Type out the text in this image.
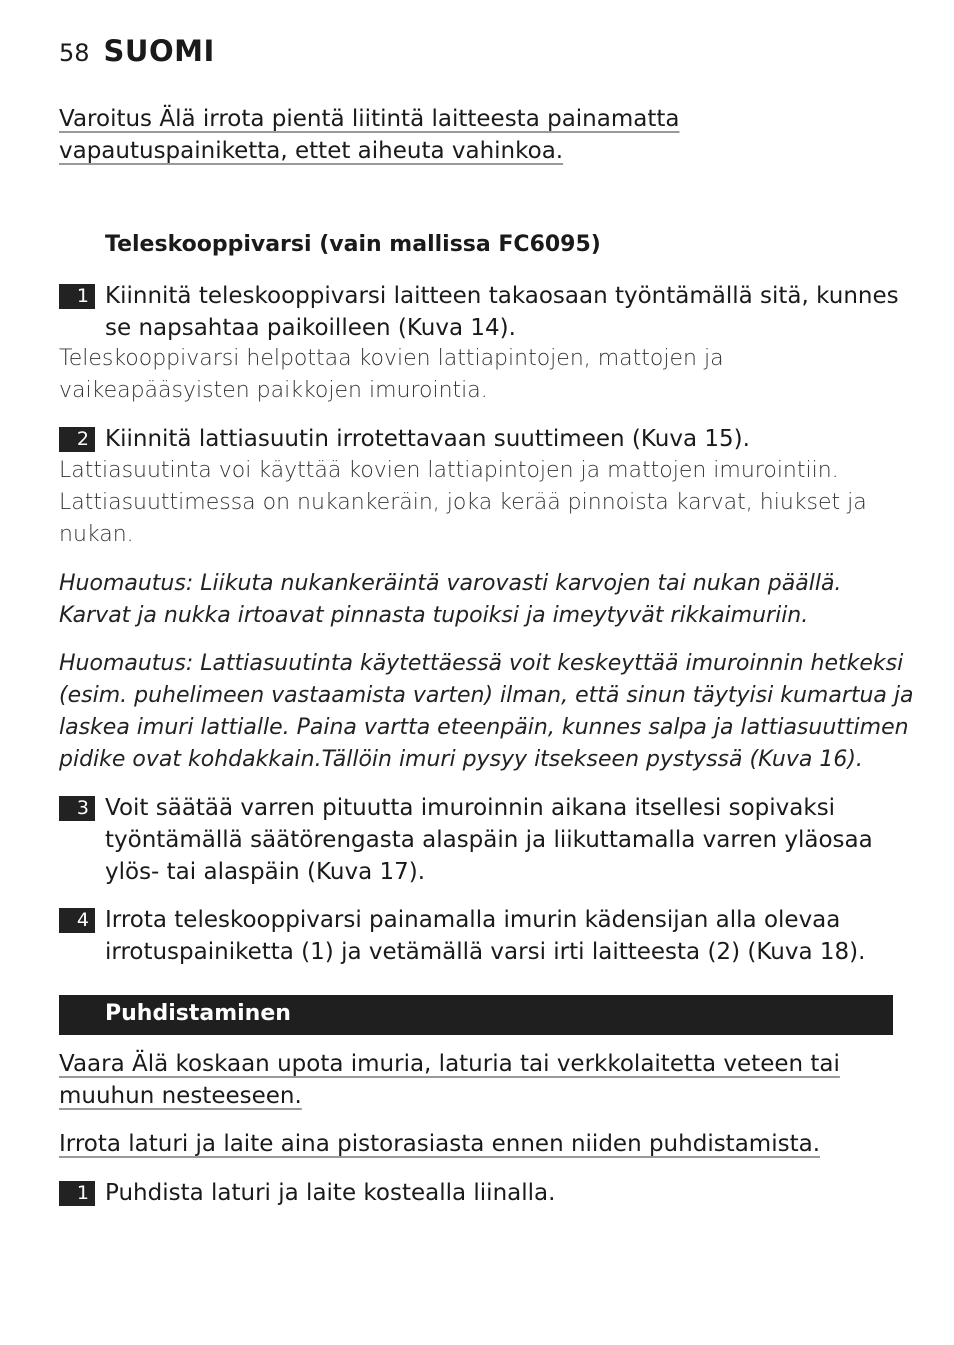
58 SUOMI
Varoitus Älä irrota pientä liitintä laitteesta painamatta
vapautuspainiketta, ettet aiheuta vahinkoa.
Teleskooppivarsi (vain mallissa FC6095)
1 Kiinnitä teleskooppivarsi laitteen takaosaan työntämällä sitä, kunnes
se napsahtaa paikoilleen (Kuva 14).
Teleskooppivarsi helpottaa kovien lattiapintojen, mattojen ja
vaikeapääsyisten paikkojen imurointia.
2 Kiinnitä lattiasuutin irrotettavaan suuttimeen (Kuva 15).
Lattiasuutinta voi käyttää kovien lattiapintojen ja mattojen imurointiin.
Lattiasuuttimessa on nukankeräin, joka kerää pinnoista karvat, hiukset ja
nukan.
Huomautus: Liikuta nukankeräintä varovasti karvojen tai nukan päällä.
Karvat ja nukka irtoavat pinnasta tupoiksi ja imeytyvät rikkaimuriin.
Huomautus: Lattiasuutinta käytettäessä voit keskeyttää imuroinnin hetkeksi
(esim. puhelimeen vastaamista varten) ilman, että sinun täytyisi kumartua ja
laskea imuri lattialle. Paina vartta eteenpäin, kunnes salpa ja lattiasuuttimen
pidike ovat kohdakkain.Tällöin imuri pysyy itsekseen pystyssä (Kuva 16).
3 Voit säätää varren pituutta imuroinnin aikana itsellesi sopivaksi
työntämällä säätörengasta alaspäin ja liikuttamalla varren yläosaa
ylös- tai alaspäin (Kuva 17).
4 Irrota teleskooppivarsi painamalla imurin kädensijan alla olevaa
irrotuspainiketta (1) ja vetämällä varsi irti laitteesta (2) (Kuva 18).
Puhdistaminen
Vaara Älä koskaan upota imuria, laturia tai verkkolaitetta veteen tai
muuhun nesteeseen.
Irrota laturi ja laite aina pistorasiasta ennen niiden puhdistamista.
1 Puhdista laturi ja laite kostealla liinalla.
